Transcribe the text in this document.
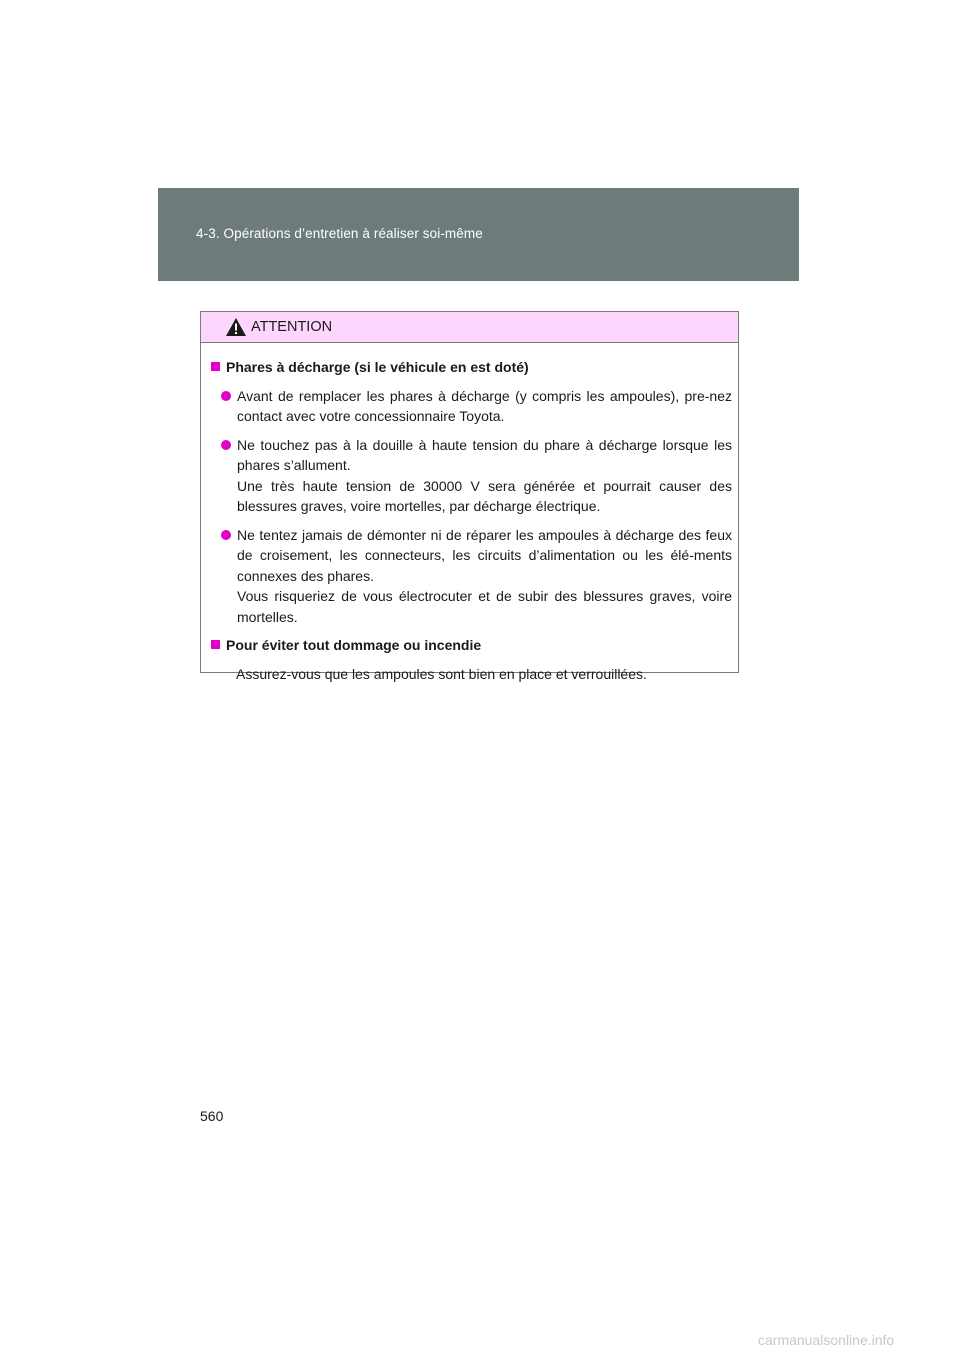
4-3. Opérations d’entretien à réaliser soi-même
ATTENTION
Phares à décharge (si le véhicule en est doté)

Avant de remplacer les phares à décharge (y compris les ampoules), pre-nez contact avec votre concessionnaire Toyota.

Ne touchez pas à la douille à haute tension du phare à décharge lorsque les phares s’allument.

Une très haute tension de 30000 V sera générée et pourrait causer des blessures graves, voire mortelles, par décharge électrique.

Ne tentez jamais de démonter ni de réparer les ampoules à décharge des feux de croisement, les connecteurs, les circuits d’alimentation ou les élé-ments connexes des phares.

Vous risqueriez de vous électrocuter et de subir des blessures graves, voire mortelles.

Pour éviter tout dommage ou incendie
Assurez-vous que les ampoules sont bien en place et verrouillées.
560
carmanualsonline.info
